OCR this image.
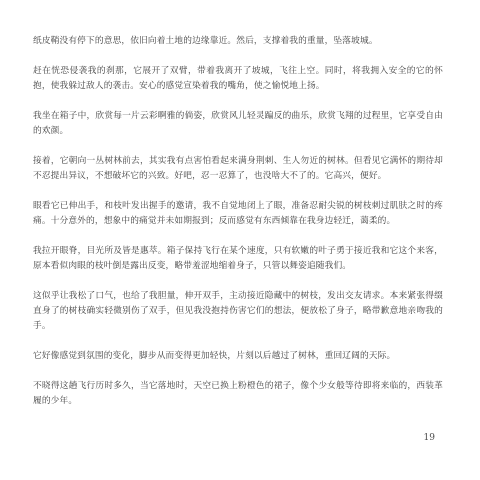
纸皮鞘没有停下的意思，依旧向着土地的边缘靠近。然后，支撑着我的重量，坠落坡城。

赶在恍恐侵袭我的刹那，它展开了双臂，带着我离开了坡城，飞往上空。同时，将我拥入安全的它的怀抱，使我躲过敌人的袭击。安心的感觉宣染着我的嘴角，使之愉悦地上扬。

我坐在箱子中，欣赏每一片云彩啊雅的倘姿，欣赏风儿轻灵蹁反的曲乐，欣赏飞翔的过程里，它享受自由的欢颜。

接着，它朝向一丛树林前去，其实我有点害怕看起来满身荆刺、生人勿近的树林。但看见它满怀的期待却不忍提出异议，不想破坏它的兴致。好吧，忍一忍算了，也没啥大不了的。它高兴，便好。

眼看它已伸出手，和枝叶发出握手的邀请，我不自觉地闭上了眼，准备忍耐尖锐的树枝刺过肌肤之时的疼痛。十分意外的，想象中的痛觉并未如期报到；反而感觉有东西倾靠在我身边轻迁，蔼柔的。

我拉开眼脊，目光所及皆是惠萃。箱子保持飞行在某个速度，只有软嫩的叶子勇于接近我和它这个来客，原本看似肉眼的枝叶倒是露出反变，略带羞涩地缩着身子，只管以舞姿追随我们。

这似乎让我松了口气，也给了我胆量，伸开双手，主动接近隐藏中的树枝，发出交友请求。本来紧张得缀直身了的树枝确实轻微别伤了双手，但见我没抱持伤害它们的想法，便放松了身子，略带歉意地亲吻我的手。

它好像感觉到氛围的变化，脚步从而变得更加轻快，片刻以后越过了树林，重回辽阔的天际。

不晓得这趟飞行历时多久，当它落地时，天空已换上粉橙色的裙子，像个少女般等待即将来临的，西装革履的少年。

19
